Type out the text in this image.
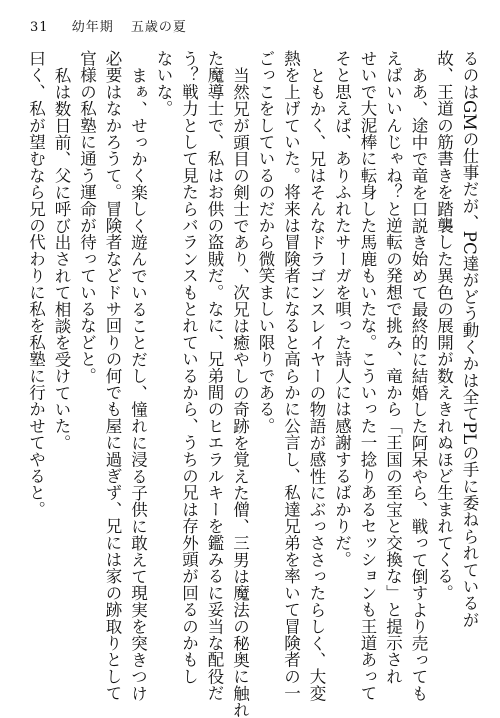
31 幼年期 五歳の夏
るのはGMの仕事だが、PC達がどう動くかは全てPLの手に委ねられているが
故、王道の筋書きを踏襲した異色の展開が数えきれぬほど生まれてくる。
ああ、途中で竜を口説き始めて最終的に結婚した阿呆やら、戦って倒すより売っても
えばいいんじゃね？と逆転の発想で挑み、竜から「王国の至宝と交換な」と提示され
せいで大泥棒に転身した馬鹿もいたな。こういった一捻りあるセッションも王道あって
そと思えば、ありふれたサーガを唄った詩人には感謝するばかりだ。
ともかく、兄はそんなドラゴンスレイヤーの物語が感性にぶっささったらしく、大変
熱を上げていた。将来は冒険者になると高らかに公言し、私達兄弟を率いて冒険者の一
ごっこをしているのだから微笑ましい限りである。
当然兄が頭目の剣士であり、次兄は癒やしの奇跡を覚えた僧、三男は魔法の秘奥に触れ
た魔導士で、私はお供の盗賊だ。なに、兄弟間のヒエラルキーを鑑みるに妥当な配役だ
う？戦力として見たらバランスもとれているから、うちの兄は存外頭が回るのかもし
ないな。
まぁ、せっかく楽しく遊んでいることだし、憧れに浸る子供に敢えて現実を突きつけ
必要はなかろうて。冒険者などドサ回りの何でも屋に過ぎず、兄には家の跡取りとして
官様の私塾に通う運命が待っているなどと。
私は数日前、父に呼び出されて相談を受けていた。
曰く、私が望むなら兄の代わりに私を私塾に行かせてやると。
